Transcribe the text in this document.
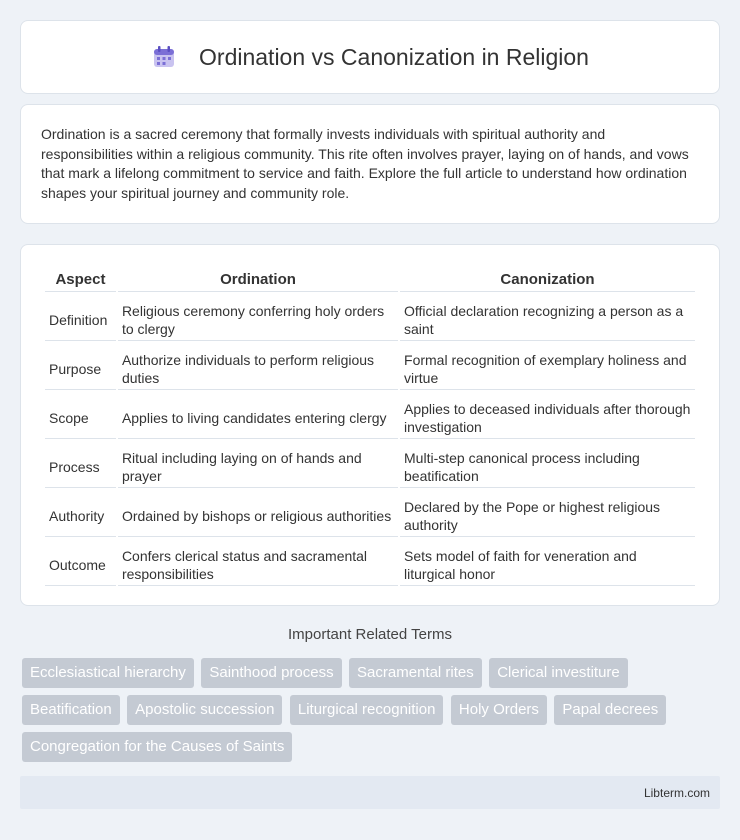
Ordination vs Canonization in Religion

Ordination is a sacred ceremony that formally invests individuals with spiritual authority and responsibilities within a religious community. This rite often involves prayer, laying on of hands, and vows that mark a lifelong commitment to service and faith. Explore the full article to understand how ordination shapes your spiritual journey and community role.

Aspect	Ordination	Canonization
Definition	Religious ceremony conferring holy orders to clergy	Official declaration recognizing a person as a saint
Purpose	Authorize individuals to perform religious duties	Formal recognition of exemplary holiness and virtue
Scope	Applies to living candidates entering clergy	Applies to deceased individuals after thorough investigation
Process	Ritual including laying on of hands and prayer	Multi-step canonical process including beatification
Authority	Ordained by bishops or religious authorities	Declared by the Pope or highest religious authority
Outcome	Confers clerical status and sacramental responsibilities	Sets model of faith for veneration and liturgical honor
Important Related Terms
Ecclesiastical hierarchy Sainthood process Sacramental rites Clerical investiture Beatification Apostolic succession Liturgical recognition Holy Orders Papal decrees Congregation for the Causes of Saints
Libterm.com
